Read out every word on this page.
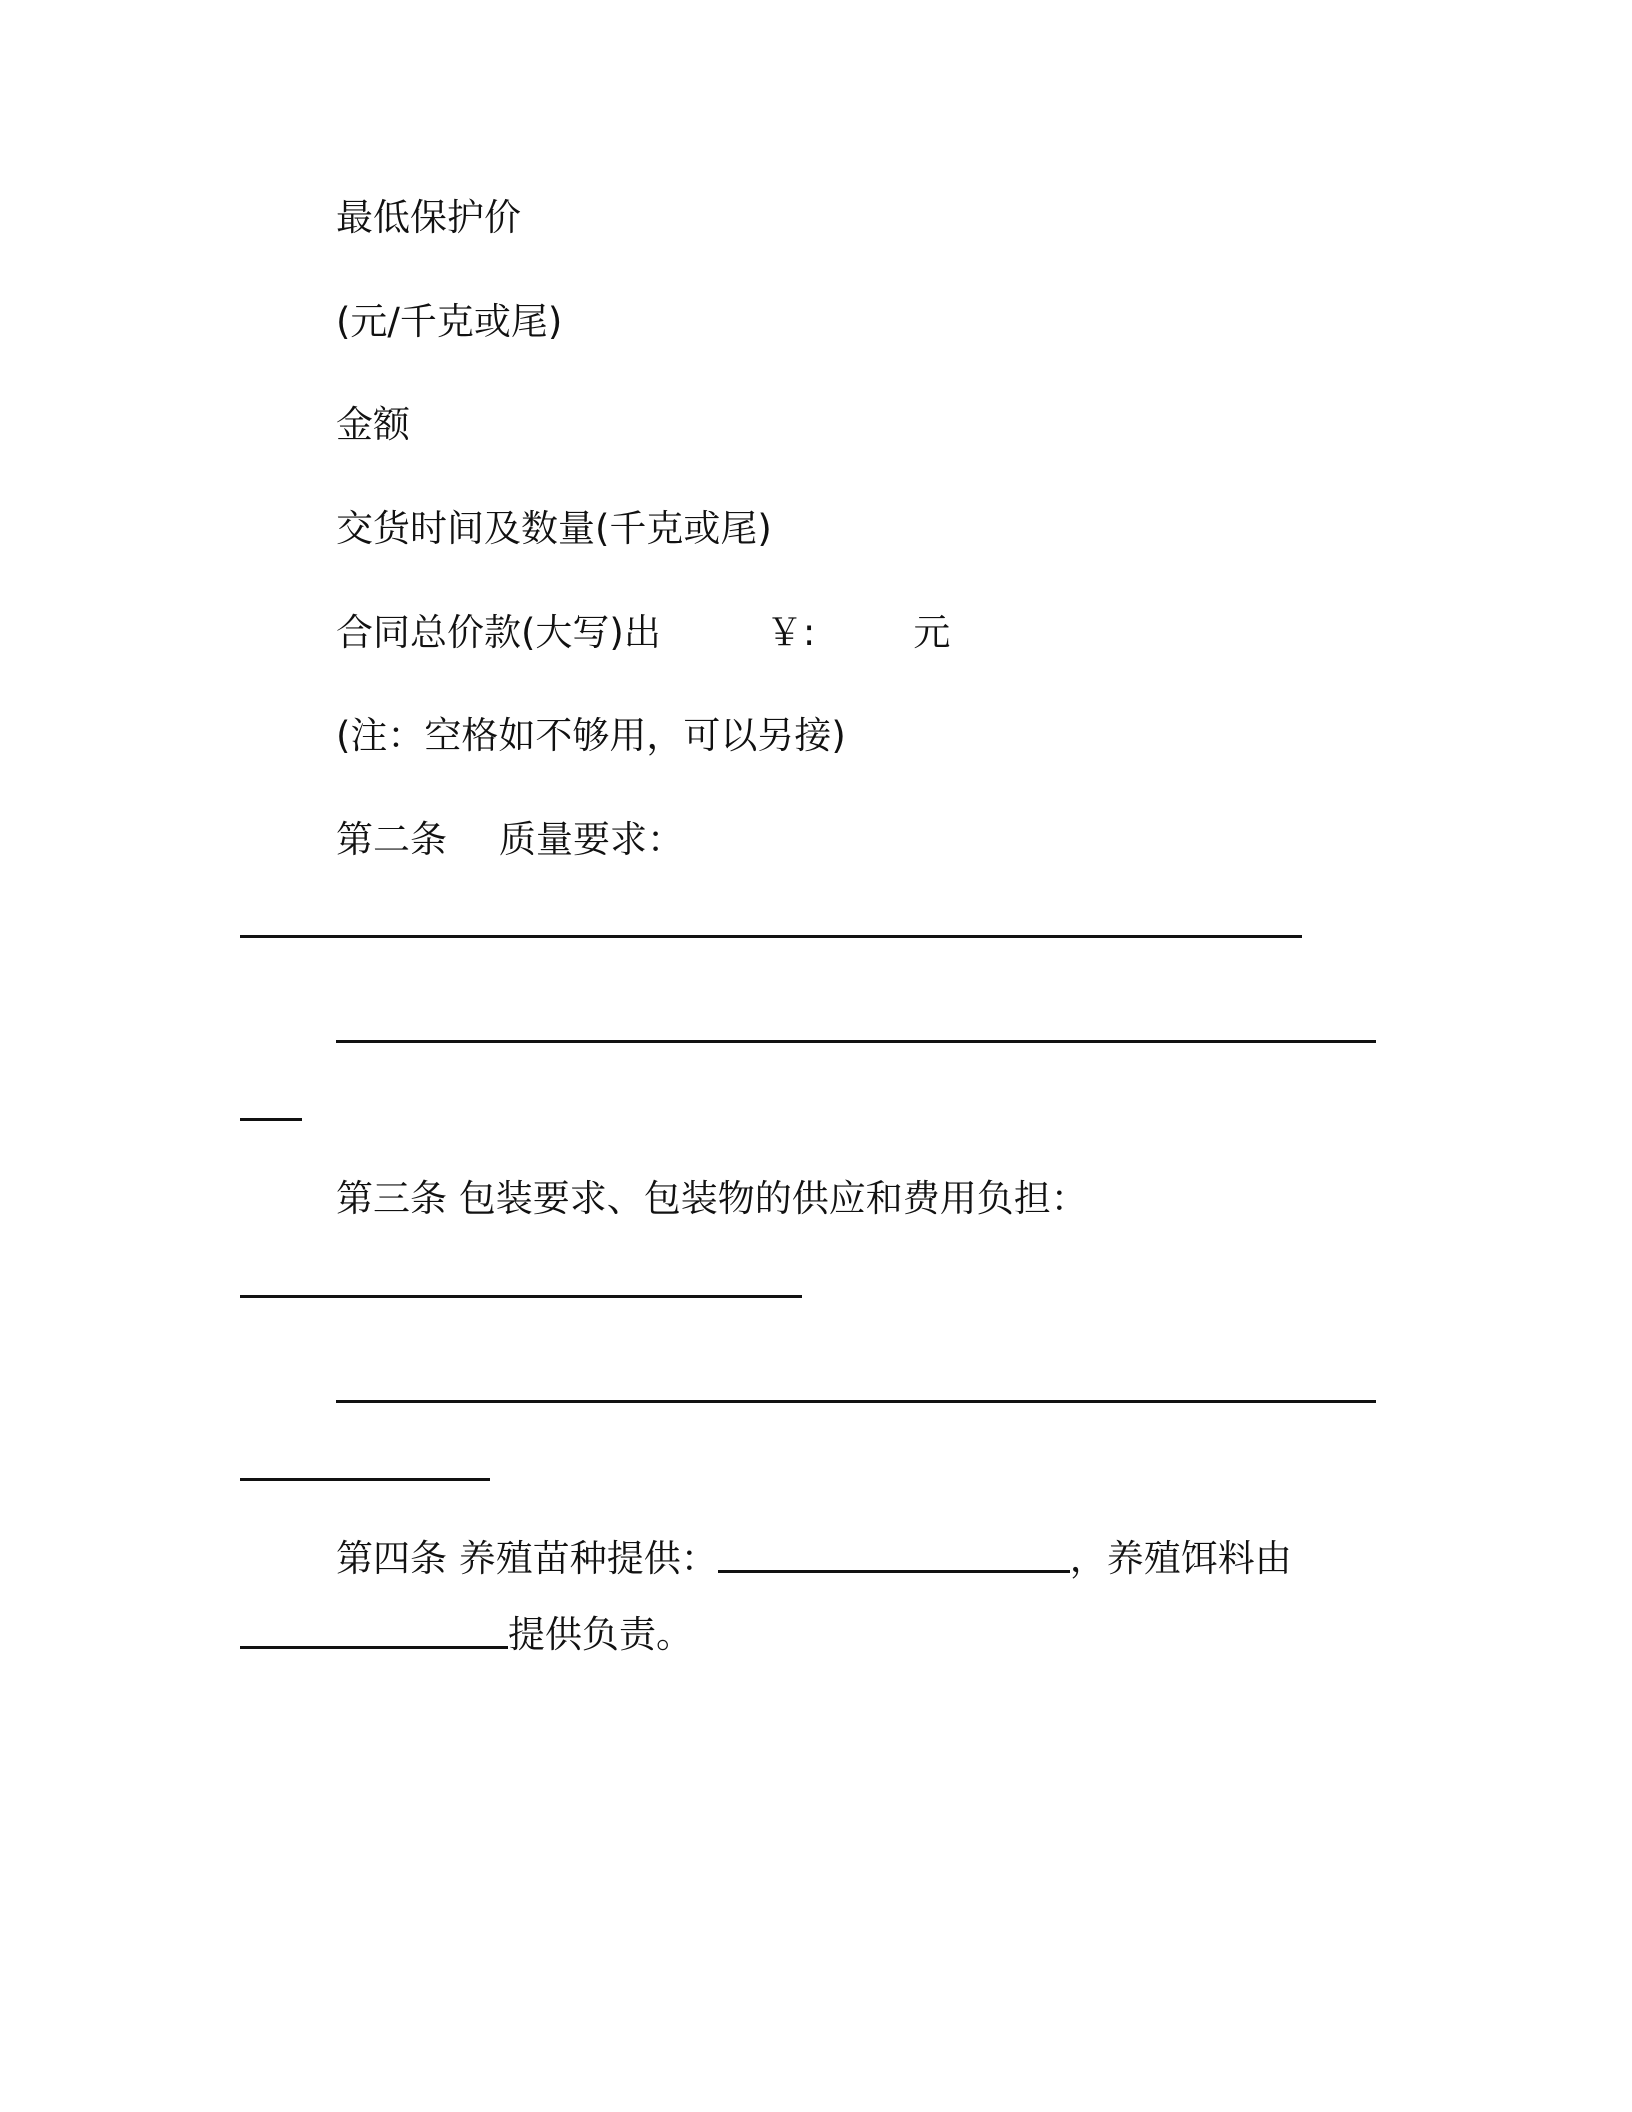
最低保护价
(元/千克或尾)
金额
交货时间及数量(千克或尾)
合同总价款(大写)出	￥:	元
(注：空格如不够用，可以另接)
第二条 质量要求：
第三条 包装要求、包装物的供应和费用负担：
第四条 养殖苗种提供：	，养殖饵料由
提供负责。
